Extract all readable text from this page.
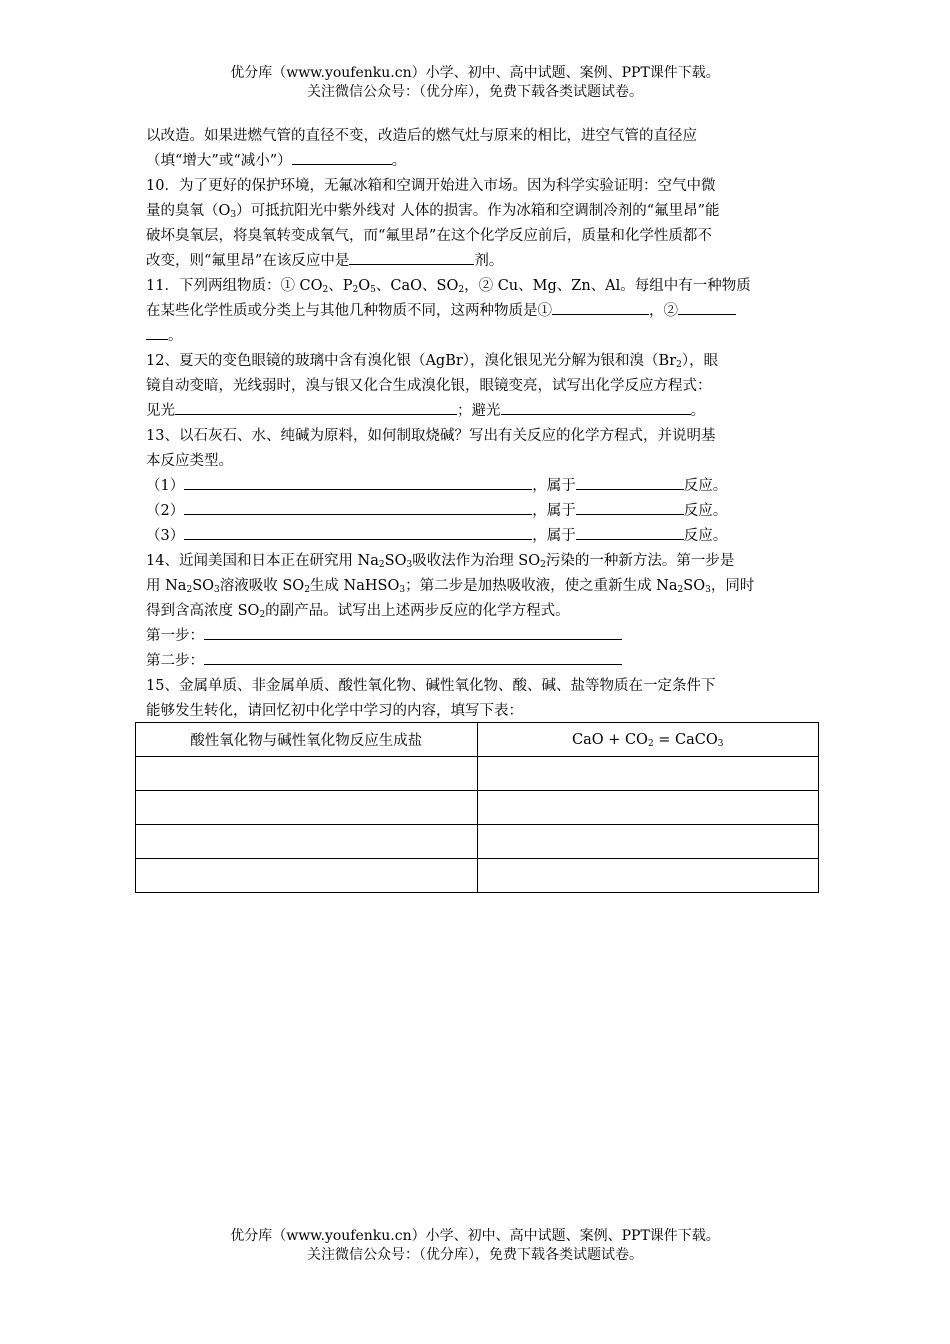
优分库（www.youfenku.cn）小学、初中、高中试题、案例、PPT课件下载。
关注微信公众号：（优分库），免费下载各类试题试卷。

以改造。如果进燃气管的直径不变，改造后的燃气灶与原来的相比，进空气管的直径应

（填“增大”或“减小”）	。

10．为了更好的保护环境，无氟冰箱和空调开始进入市场。因为科学实验证明：空气中微

量的臭氧$(O_3)$可抵抗阳光中紫外线对 人体的损害。作为冰箱和空调制冷剂的“氟里昂”能

破坏臭氧层，将臭氧转变成氧气，而“氟里昂”在这个化学反应前后，质量和化学性质都不

改变，则“氟里昂”在该反应中是	剂。

11．下列两组物质：① $CO_2$、$P_2O_5$、CaO、$SO_2$，② Cu、Mg、Zn、Al。每组中有一种物质

在某些化学性质或分类上与其他几种物质不同，这两种物质是①	，②

。

12、夏天的变色眼镜的玻璃中含有溴化银（AgBr），溴化银见光分解为银和溴$(Br_2)$，眼

镜自动变暗，光线弱时，溴与银又化合生成溴化银，眼镜变亮，试写出化学反应方程式：

见光	；避光	。

13、以石灰石、水、纯碱为原料，如何制取烧碱？写出有关反应的化学方程式，并说明基

本反应类型。

（1）	，属于	反应。

（2）	，属于	反应。

（3）	，属于	反应。

14、近闻美国和日本正在研究用 $Na_2SO_3$吸收法作为治理 $SO_2$污染的一种新方法。第一步是

用 $Na_2SO_3$溶液吸收 $SO_2$生成 NaHSO$_3$；第二步是加热吸收液，使之重新生成 $Na_2SO_3$，同时

得到含高浓度 $SO_2$的副产品。试写出上述两步反应的化学方程式。

第一步：

第二步：

15、金属单质、非金属单质、酸性氧化物、碱性氧化物、酸、碱、盐等物质在一定条件下

能够发生转化，请回忆初中化学中学习的内容，填写下表：

酸性氧化物与碱性氧化物反应生成盐	CaO + $CO_2$ = CaCO$_3$

优分库（www.youfenku.cn）小学、初中、高中试题、案例、PPT课件下载。
关注微信公众号：（优分库），免费下载各类试题试卷。
